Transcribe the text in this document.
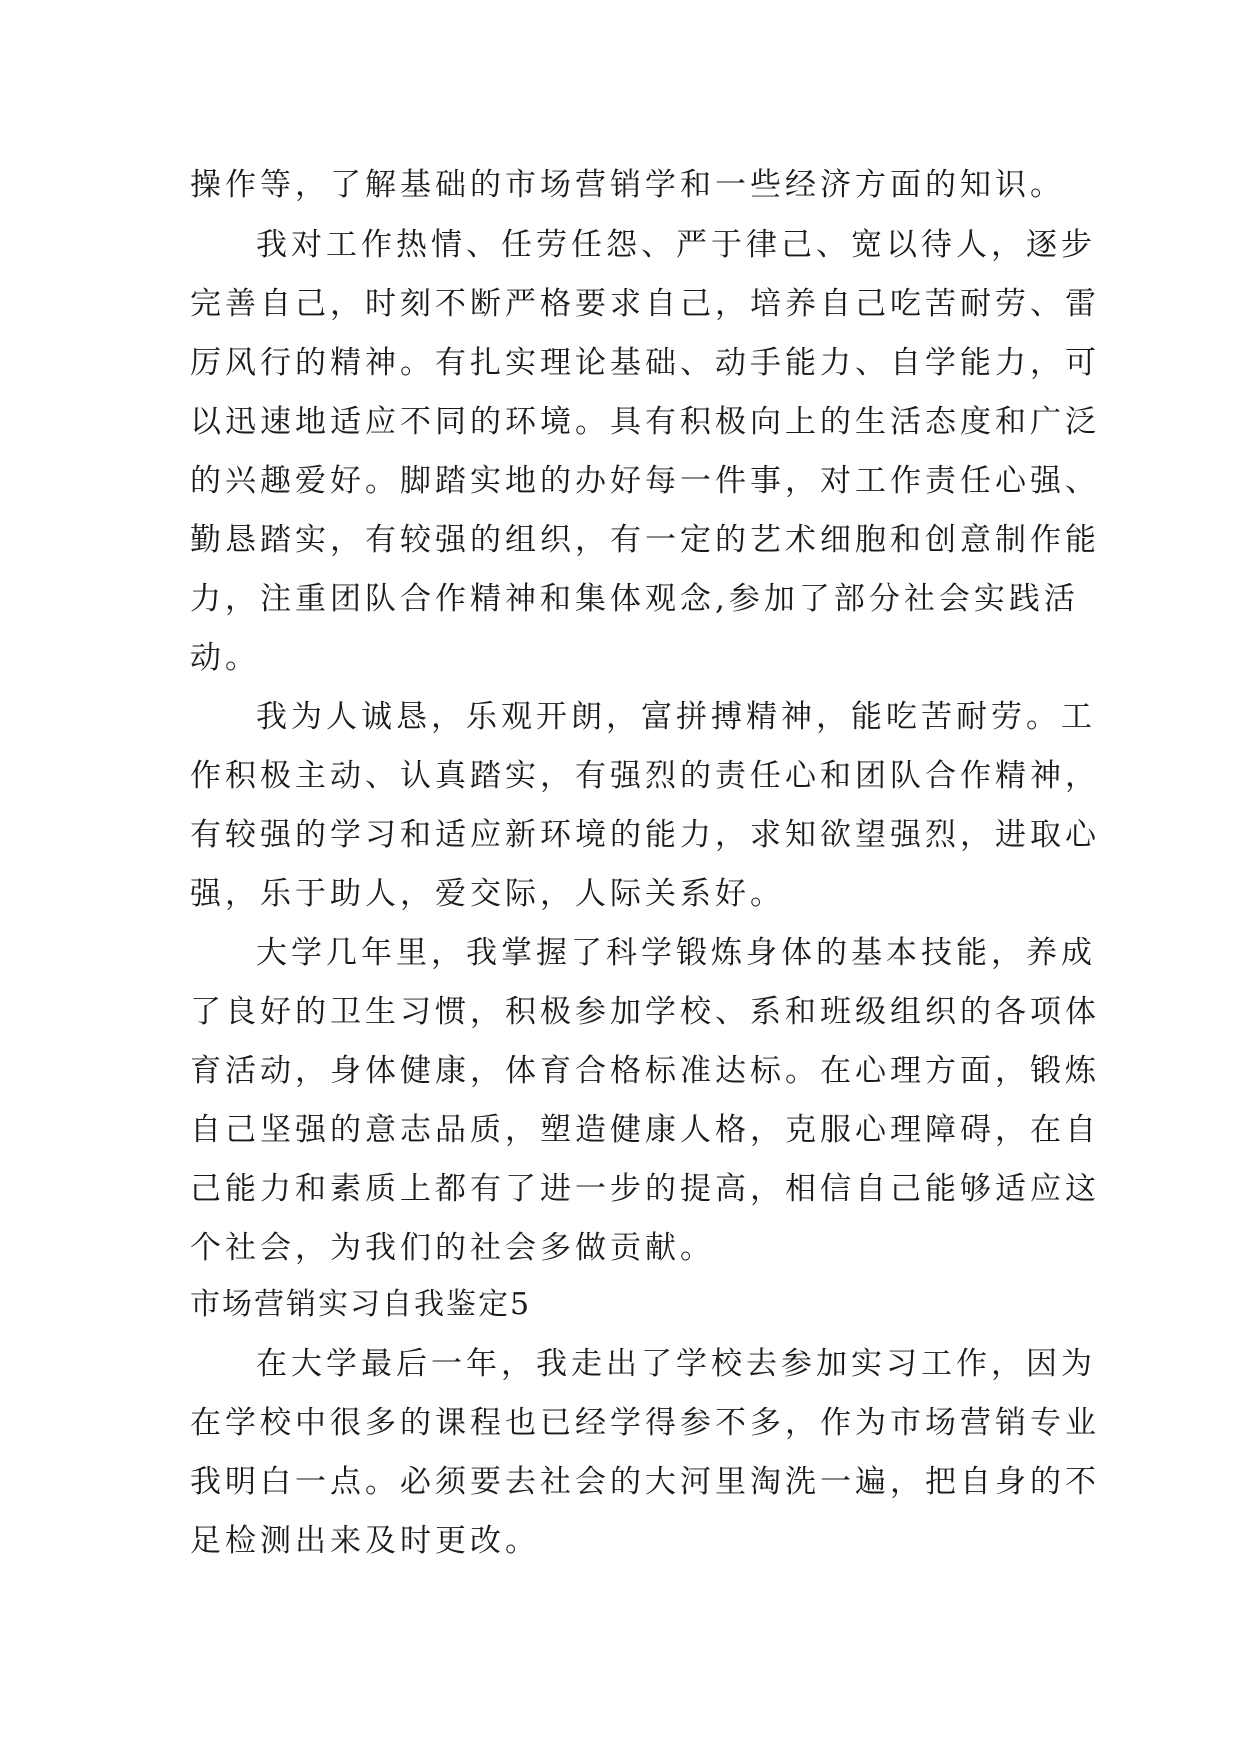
操作等，了解基础的市场营销学和一些经济方面的知识。
我对工作热情、任劳任怨、严于律己、宽以待人，逐步
完善自己，时刻不断严格要求自己，培养自己吃苦耐劳、雷
厉风行的精神。有扎实理论基础、动手能力、自学能力，可
以迅速地适应不同的环境。具有积极向上的生活态度和广泛
的兴趣爱好。脚踏实地的办好每一件事，对工作责任心强、
勤恳踏实，有较强的组织，有一定的艺术细胞和创意制作能
力，注重团队合作精神和集体观念,参加了部分社会实践活
动。
我为人诚恳，乐观开朗，富拼搏精神，能吃苦耐劳。工
作积极主动、认真踏实，有强烈的责任心和团队合作精神，
有较强的学习和适应新环境的能力，求知欲望强烈，进取心
强，乐于助人，爱交际，人际关系好。
大学几年里，我掌握了科学锻炼身体的基本技能，养成
了良好的卫生习惯，积极参加学校、系和班级组织的各项体
育活动，身体健康，体育合格标准达标。在心理方面，锻炼
自己坚强的意志品质，塑造健康人格，克服心理障碍，在自
己能力和素质上都有了进一步的提高，相信自己能够适应这
个社会，为我们的社会多做贡献。
市场营销实习自我鉴定5
在大学最后一年，我走出了学校去参加实习工作，因为
在学校中很多的课程也已经学得参不多，作为市场营销专业
我明白一点。必须要去社会的大河里淘洗一遍，把自身的不
足检测出来及时更改。
